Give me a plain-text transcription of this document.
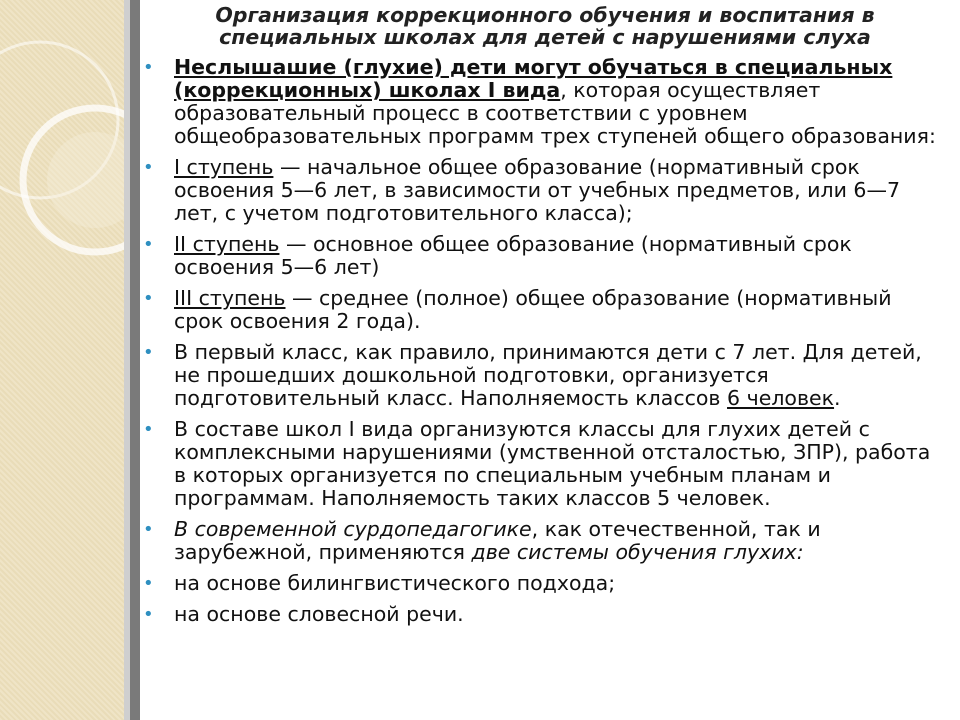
Организация коррекционного обучения и воспитания в
специальных школах для детей с нарушениями слуха
• Неслышашие (глухие) дети могут обучаться в специальных (коррекционных) школах I вида, которая осуществляет образовательный процесс в соответствии с уровнем общеобразовательных программ трех ступеней общего образования:
• I ступень — начальное общее образование (нормативный срок освоения 5—6 лет, в зависимости от учебных предметов, или 6—7 лет, с учетом подготовительного класса);
• II ступень — основное общее образование (нормативный срок освоения 5—6 лет)
• III ступень — среднее (полное) общее образование (нормативный срок освоения 2 года).
• В первый класс, как правило, принимаются дети с 7 лет. Для детей, не прошедших дошкольной подготовки, организуется подготовительный класс. Наполняемость классов 6 человек.
• В составе школ I вида организуются классы для глухих детей с комплексными нарушениями (умственной отсталостью, ЗПР), работа в которых организуется по специальным учебным планам и программам. Наполняемость таких классов 5 человек.
• В современной сурдопедагогике, как отечественной, так и зарубежной, применяются две системы обучения глухих:
• на основе билингвистического подхода;
• на основе словесной речи.
